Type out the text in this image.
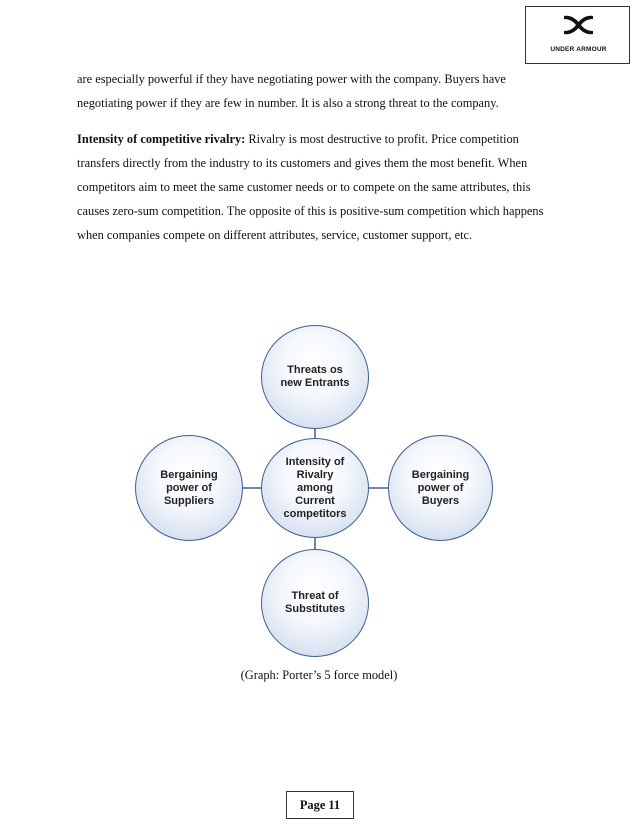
UNDER ARMOUR

are especially powerful if they have negotiating power with the company. Buyers have negotiating power if they are few in number. It is also a strong threat to the company.

Intensity of competitive rivalry: Rivalry is most destructive to profit. Price competition transfers directly from the industry to its customers and gives them the most benefit. When competitors aim to meet the same customer needs or to compete on the same attributes, this causes zero-sum competition. The opposite of this is positive-sum competition which happens when companies compete on different attributes, service, customer support, etc.

Threats os new Entrants
Bergaining power of Suppliers
Intensity of Rivalry among Current competitors
Bergaining power of Buyers
Threat of Substitutes
(Graph: Porter’s 5 force model)
Page 11
